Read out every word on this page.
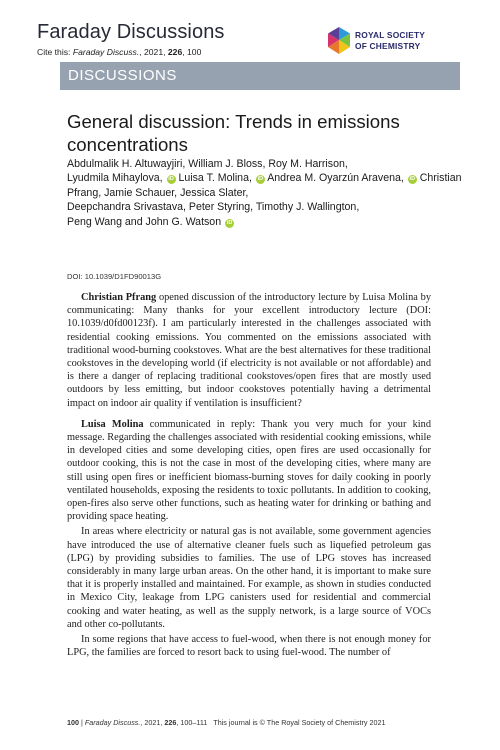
Faraday Discussions
Cite this: Faraday Discuss., 2021, 226, 100
ROYAL SOCIETY
OF CHEMISTRY
DISCUSSIONS
General discussion: Trends in emissions concentrations
Abdulmalik H. Altuwayjiri, William J. Bloss, Roy M. Harrison,
Lyudmila Mihaylova, iD Luisa T. Molina, iD Andrea M. Oyarzún Aravena, iD Christian Pfrang, Jamie Schauer, Jessica Slater,
Deepchandra Srivastava, Peter Styring, Timothy J. Wallington,
Peng Wang and John G. Watson iD
DOI: 10.1039/D1FD90013G

Christian Pfrang opened discussion of the introductory lecture by Luisa Molina by communicating: Many thanks for your excellent introductory lecture (DOI: 10.1039/d0fd00123f). I am particularly interested in the challenges associated with residential cooking emissions. You commented on the emissions associated with traditional wood-burning cookstoves. What are the best alternatives for these traditional cookstoves in the developing world (if electricity is not available or not affordable) and is there a danger of replacing traditional cookstoves/open fires that are mostly used outdoors by less emitting, but indoor cookstoves potentially having a detrimental impact on indoor air quality if ventilation is insufficient?

Luisa Molina communicated in reply: Thank you very much for your kind message. Regarding the challenges associated with residential cooking emissions, while in developed cities and some developing cities, open fires are used occasionally for outdoor cooking, this is not the case in most of the developing cities, where many are still using open fires or inefficient biomass-burning stoves for daily cooking in poorly ventilated households, exposing the residents to toxic pollutants. In addition to cooking, open-fires also serve other functions, such as heating water for drinking or bathing and providing space heating.

In areas where electricity or natural gas is not available, some government agencies have introduced the use of alternative cleaner fuels such as liquefied petroleum gas (LPG) by providing subsidies to families. The use of LPG stoves has increased considerably in many large urban areas. On the other hand, it is important to make sure that it is properly installed and maintained. For example, as shown in studies conducted in Mexico City, leakage from LPG canisters used for residential and commercial cooking and water heating, as well as the supply network, is a large source of VOCs and other co-pollutants.

In some regions that have access to fuel-wood, when there is not enough money for LPG, the families are forced to resort back to using fuel-wood. The number of

100 | Faraday Discuss., 2021, 226, 100–111 This journal is © The Royal Society of Chemistry 2021
